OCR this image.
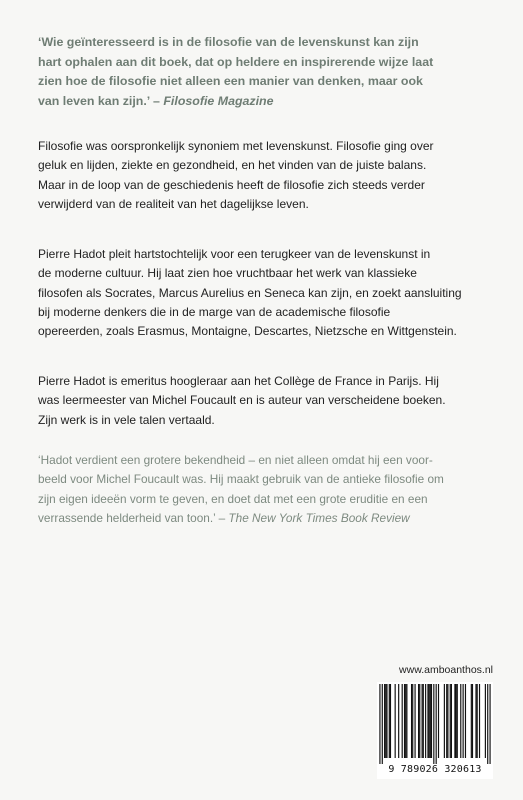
‘Wie geïnteresseerd is in de filosofie van de levenskunst kan zijn
hart ophalen aan dit boek, dat op heldere en inspirerende wijze laat
zien hoe de filosofie niet alleen een manier van denken, maar ook
van leven kan zijn.’ – Filosofie Magazine
Filosofie was oorspronkelijk synoniem met levenskunst. Filosofie ging over
geluk en lijden, ziekte en gezondheid, en het vinden van de juiste balans.
Maar in de loop van de geschiedenis heeft de filosofie zich steeds verder
verwijderd van de realiteit van het dagelijkse leven.
Pierre Hadot pleit hartstochtelijk voor een terugkeer van de levenskunst in
de moderne cultuur. Hij laat zien hoe vruchtbaar het werk van klassieke
filosofen als Socrates, Marcus Aurelius en Seneca kan zijn, en zoekt aansluiting
bij moderne denkers die in de marge van de academische filosofie
opereerden, zoals Erasmus, Montaigne, Descartes, Nietzsche en Wittgenstein.
Pierre Hadot is emeritus hoogleraar aan het Collège de France in Parijs. Hij
was leermeester van Michel Foucault en is auteur van verscheidene boeken.
Zijn werk is in vele talen vertaald.
‘Hadot verdient een grotere bekendheid – en niet alleen omdat hij een voor-
beeld voor Michel Foucault was. Hij maakt gebruik van de antieke filosofie om
zijn eigen ideeën vorm te geven, en doet dat met een grote eruditie en een
verrassende helderheid van toon.’ – The New York Times Book Review
www.amboanthos.nl
9 789026 320613
